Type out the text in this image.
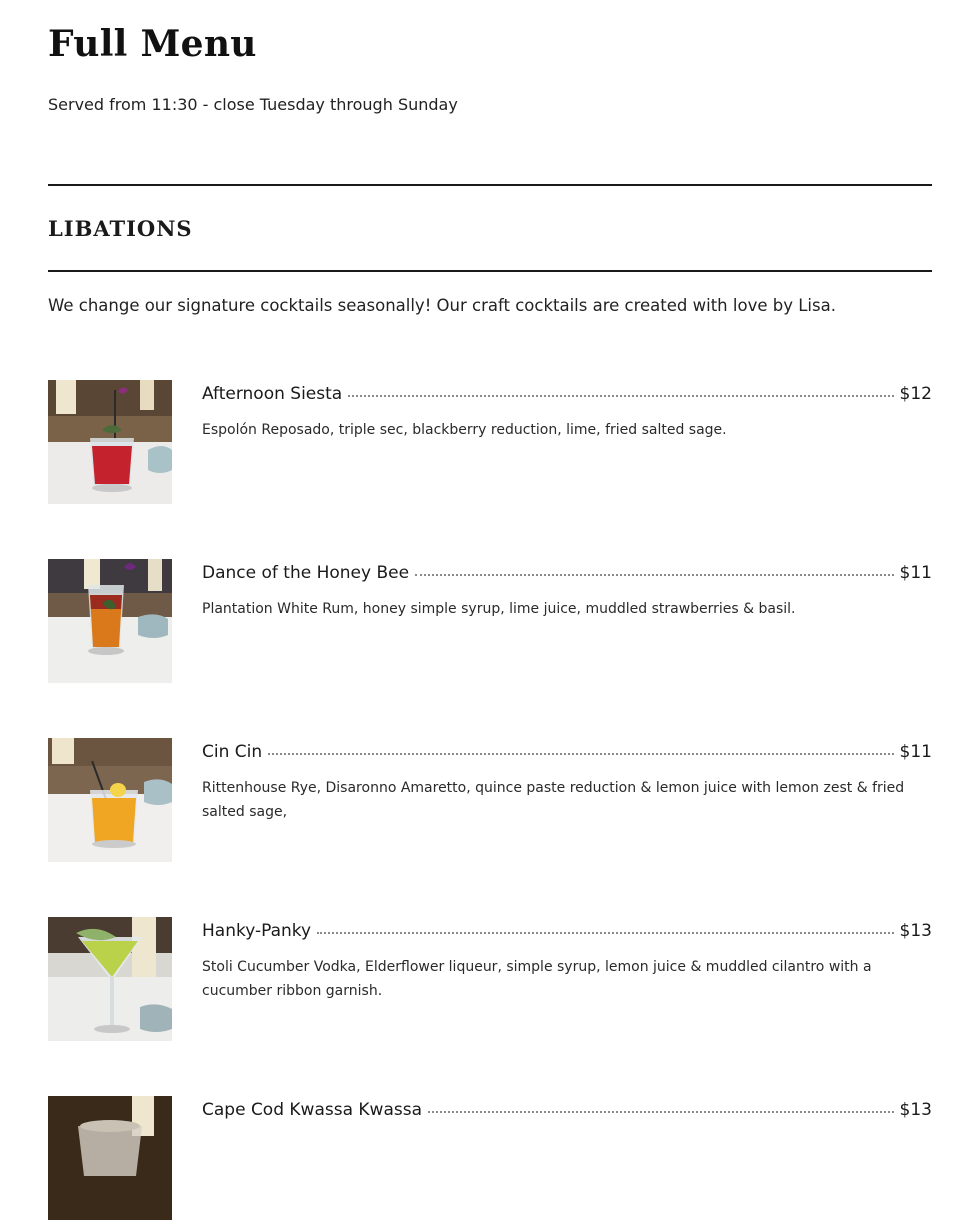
Full Menu

Served from 11:30 - close Tuesday through Sunday

LIBATIONS

We change our signature cocktails seasonally! Our craft cocktails are created with love by Lisa.

Afternoon Siesta	$12

Espolón Reposado, triple sec, blackberry reduction, lime, fried salted sage.

Dance of the Honey Bee	$11

Plantation White Rum, honey simple syrup, lime juice, muddled strawberries & basil.

Cin Cin	$11

Rittenhouse Rye, Disaronno Amaretto, quince paste reduction & lemon juice with lemon zest & fried salted sage,

Hanky-Panky	$13

Stoli Cucumber Vodka, Elderflower liqueur, simple syrup, lemon juice & muddled cilantro with a cucumber ribbon garnish.

Cape Cod Kwassa Kwassa	$13
